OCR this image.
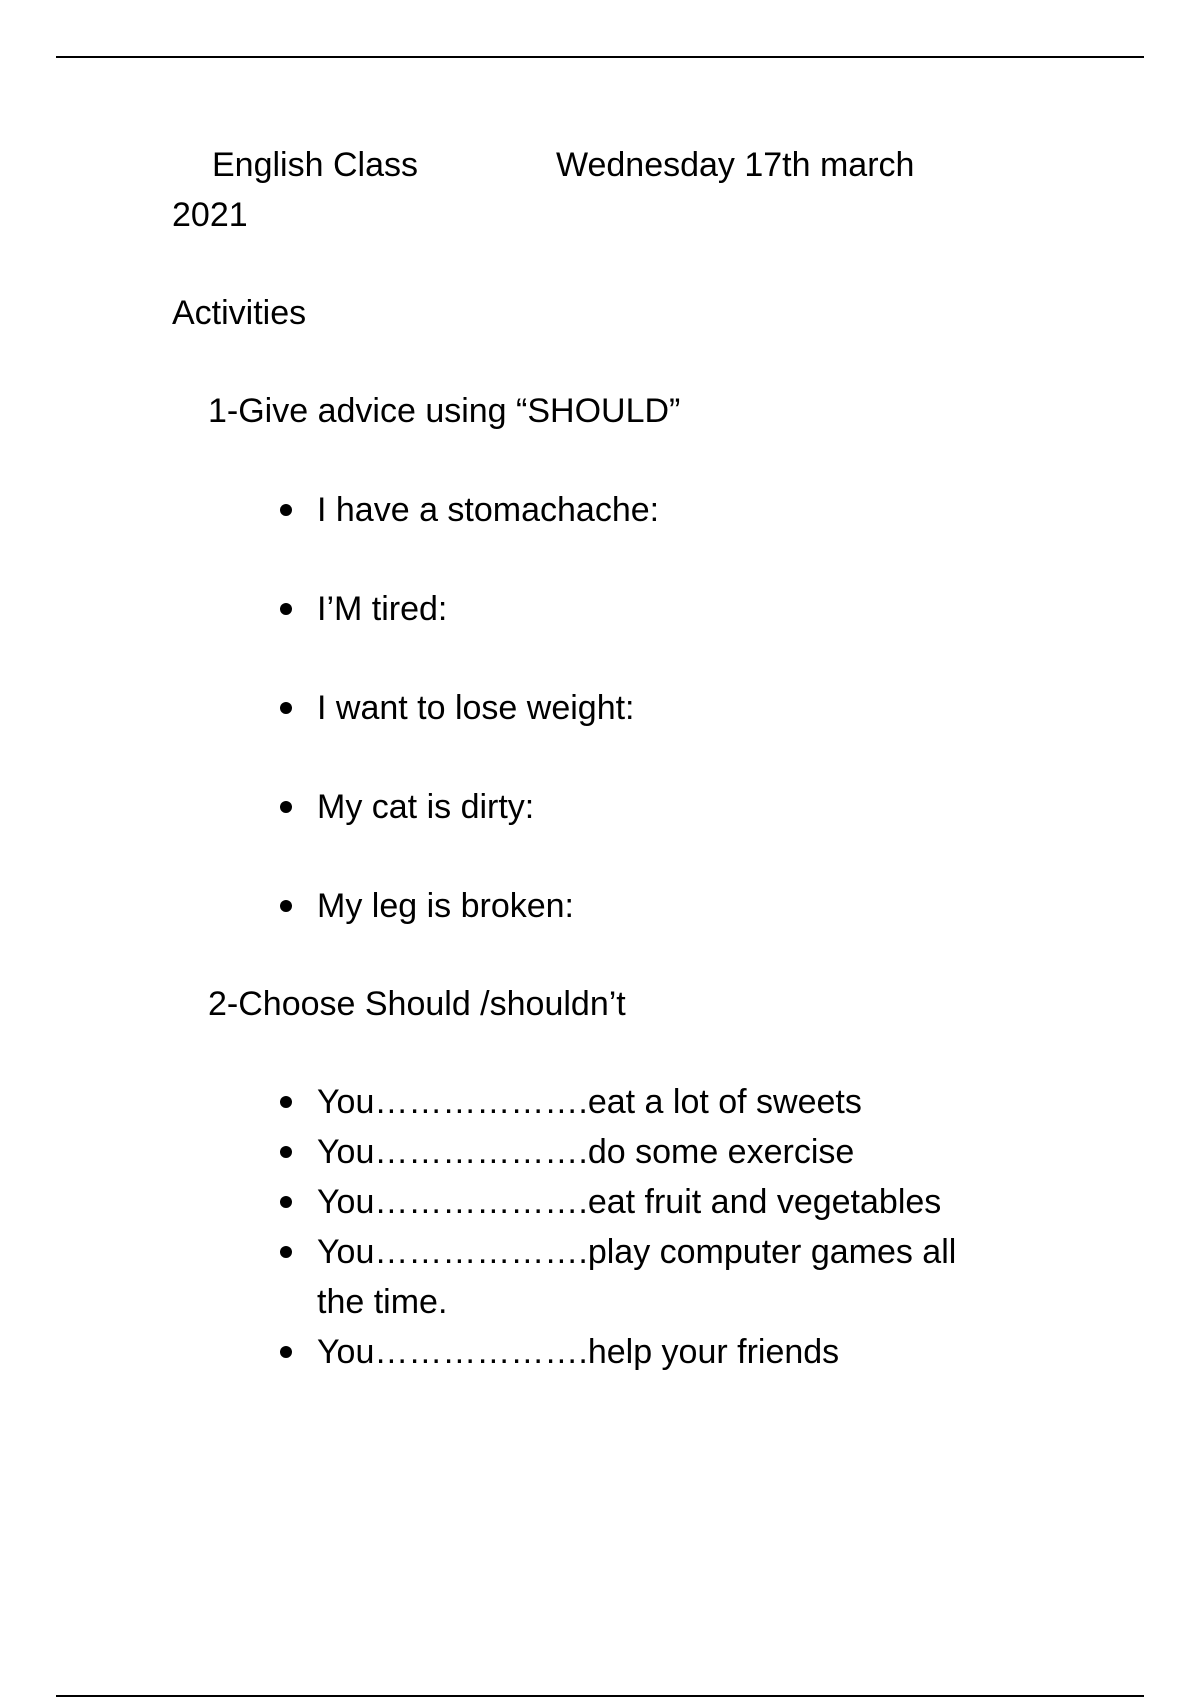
English Class	Wednesday 17th march 2021

Activities

1-Give advice using “SHOULD”

I have a stomachache:
I’M tired:
I want to lose weight:
My cat is dirty:
My leg is broken:

2-Choose Should /shouldn’t

You……………….eat a lot of sweets
You……………….do some exercise
You……………….eat fruit and vegetables
You……………….play computer games all the time.
You……………….help your friends
